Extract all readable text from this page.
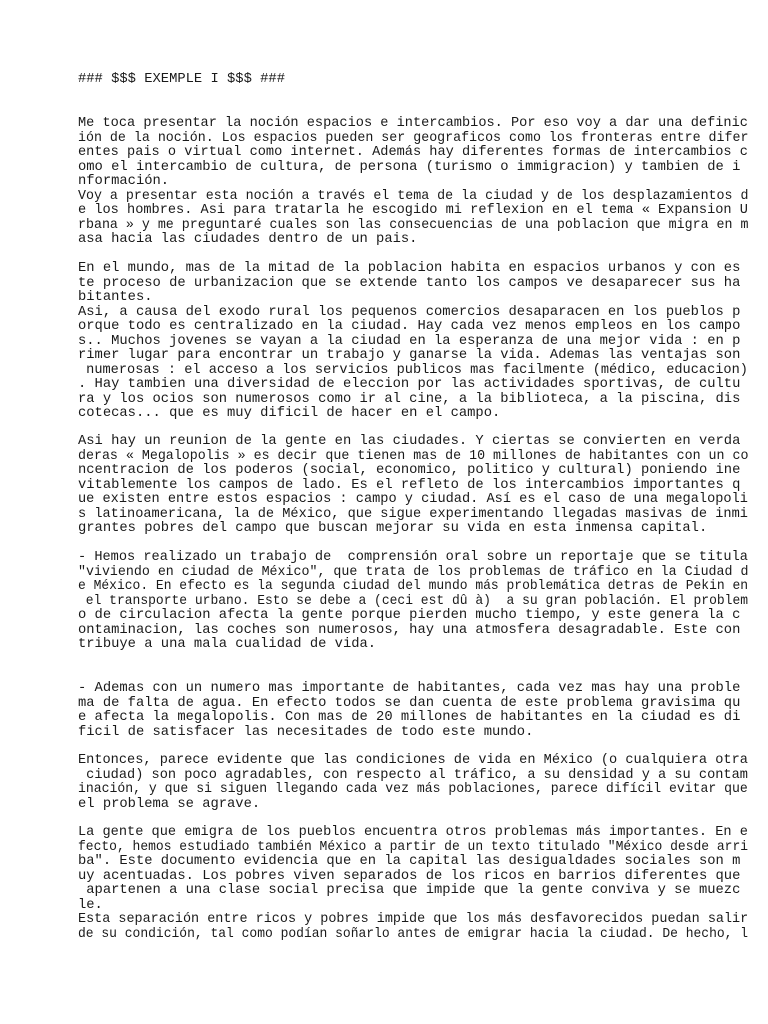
### $$$ EXEMPLE I $$$ ###
Me toca presentar la noción espacios e intercambios. Por eso voy a dar una definic
ión de la noción. Los espacios pueden ser geograficos como los fronteras entre difer
entes pais o virtual como internet. Además hay diferentes formas de intercambios c
omo el intercambio de cultura, de persona (turismo o immigracion) y tambien de i
nformación.
Voy a presentar esta noción a través el tema de la ciudad y de los desplazamientos d
e los hombres. Asi para tratarla he escogido mi reflexion en el tema « Expansion U
rbana » y me preguntaré cuales son las consecuencias de una poblacion que migra en m
asa hacia las ciudades dentro de un pais.
En el mundo, mas de la mitad de la poblacion habita en espacios urbanos y con es
te proceso de urbanizacion que se extende tanto los campos ve desaparecer sus ha
bitantes.
Asi, a causa del exodo rural los pequenos comercios desaparacen en los pueblos p
orque todo es centralizado en la ciudad. Hay cada vez menos empleos en los campo
s.. Muchos jovenes se vayan a la ciudad en la esperanza de una mejor vida : en p
rimer lugar para encontrar un trabajo y ganarse la vida. Ademas las ventajas son
numerosas : el acceso a los servicios publicos mas facilmente (médico, educacion)
. Hay tambien una diversidad de eleccion por las actividades sportivas, de cultu
ra y los ocios son numerosos como ir al cine, a la biblioteca, a la piscina, dis
cotecas... que es muy dificil de hacer en el campo.
Asi hay un reunion de la gente en las ciudades. Y ciertas se convierten en verda
deras « Megalopolis » es decir que tienen mas de 10 millones de habitantes con un co
ncentracion de los poderos (social, economico, politico y cultural) poniendo ine
vitablemente los campos de lado. Es el refleto de los intercambios importantes q
ue existen entre estos espacios : campo y ciudad. Así es el caso de una megalopoli
s latinoamericana, la de México, que sigue experimentando llegadas masivas de inmi
grantes pobres del campo que buscan mejorar su vida en esta inmensa capital.
- Hemos realizado un trabajo de  comprensión oral sobre un reportaje que se titula
"viviendo en ciudad de México", que trata de los problemas de tráfico en la Ciudad d
e México. En efecto es la segunda ciudad del mundo más problemática detras de Pekin en
el transporte urbano. Esto se debe a (ceci est dû à)  a su gran población. El problem
o de circulacion afecta la gente porque pierden mucho tiempo, y este genera la c
ontaminacion, las coches son numerosos, hay una atmosfera desagradable. Este con
tribuye a una mala cualidad de vida.
- Ademas con un numero mas importante de habitantes, cada vez mas hay una proble
ma de falta de agua. En efecto todos se dan cuenta de este problema gravisima qu
e afecta la megalopolis. Con mas de 20 millones de habitantes en la ciudad es di
ficil de satisfacer las necesitades de todo este mundo.
Entonces, parece evidente que las condiciones de vida en México (o cualquiera otra
ciudad) son poco agradables, con respecto al tráfico, a su densidad y a su contam
inación, y que si siguen llegando cada vez más poblaciones, parece difícil evitar que
el problema se agrave.
La gente que emigra de los pueblos encuentra otros problemas más importantes. En e
fecto, hemos estudiado también México a partir de un texto titulado "México desde arri
ba". Este documento evidencia que en la capital las desigualdades sociales son m
uy acentuadas. Los pobres viven separados de los ricos en barrios diferentes que
apartenen a una clase social precisa que impide que la gente conviva y se muezc
le.
Esta separación entre ricos y pobres impide que los más desfavorecidos puedan salir
de su condición, tal como podían soñarlo antes de emigrar hacia la ciudad. De hecho, l
